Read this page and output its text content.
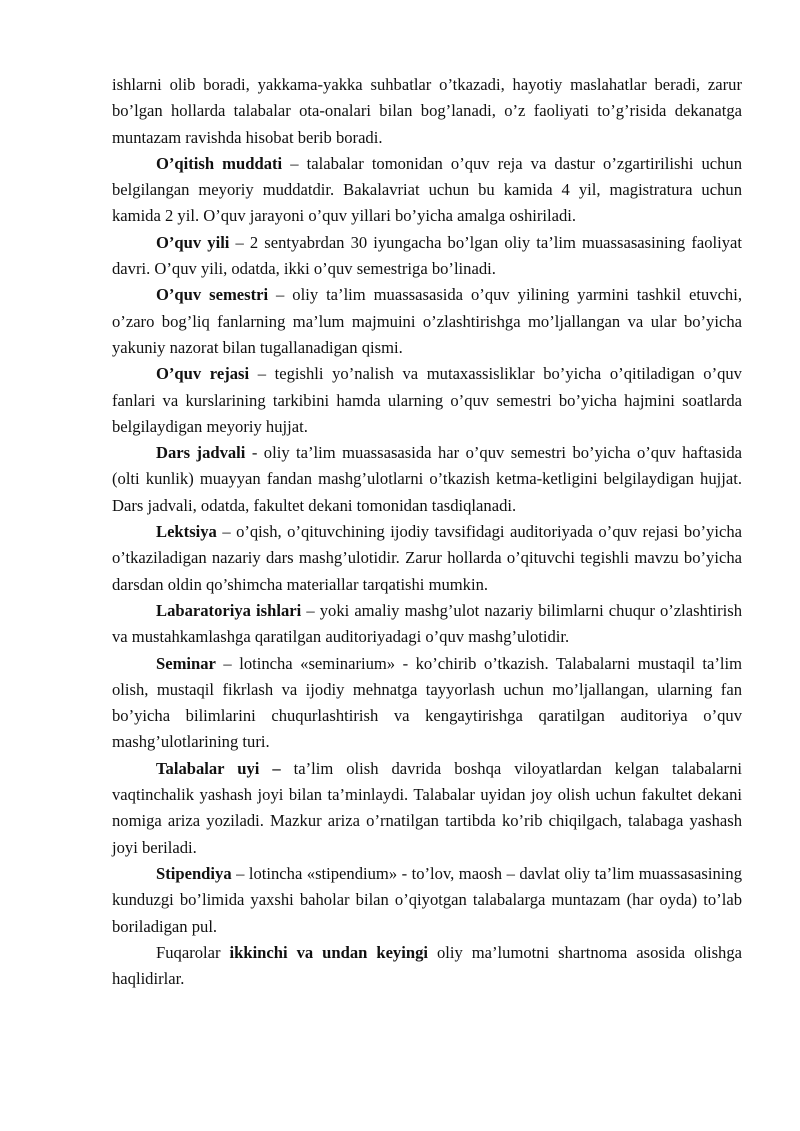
ishlarni olib boradi, yakkama-yakka suhbatlar o’tkazadi, hayotiy maslahatlar beradi, zarur bo’lgan hollarda talabalar ota-onalari bilan bog’lanadi, o’z faoliyati to’g’risida dekanatga muntazam ravishda hisobat berib boradi.

O’qitish muddati – talabalar tomonidan o’quv reja va dastur o’zgartirilishi uchun belgilangan meyoriy muddatdir. Bakalavriat uchun bu kamida 4 yil, magistratura uchun kamida 2 yil. O’quv jarayoni o’quv yillari bo’yicha amalga oshiriladi.

O’quv yili – 2 sentyabrdan 30 iyungacha bo’lgan oliy ta’lim muassasasining faoliyat davri. O’quv yili, odatda, ikki o’quv semestriga bo’linadi.

O’quv semestri – oliy ta’lim muassasasida o’quv yilining yarmini tashkil etuvchi, o’zaro bog’liq fanlarning ma’lum majmuini o’zlashtirishga mo’ljallangan va ular bo’yicha yakuniy nazorat bilan tugallanadigan qismi.

O’quv rejasi – tegishli yo’nalish va mutaxassisliklar bo’yicha o’qitiladigan o’quv fanlari va kurslarining tarkibini hamda ularning o’quv semestri bo’yicha hajmini soatlarda belgilaydigan meyoriy hujjat.

Dars jadvali - oliy ta’lim muassasasida har o’quv semestri bo’yicha o’quv haftasida (olti kunlik) muayyan fandan mashg’ulotlarni o’tkazish ketma-ketligini belgilaydigan hujjat. Dars jadvali, odatda, fakultet dekani tomonidan tasdiqlanadi.

Lektsiya – o’qish, o’qituvchining ijodiy tavsifidagi auditoriyada o’quv rejasi bo’yicha o’tkaziladigan nazariy dars mashg’ulotidir. Zarur hollarda o’qituvchi tegishli mavzu bo’yicha darsdan oldin qo’shimcha materiallar tarqatishi mumkin.

Labaratoriya ishlari – yoki amaliy mashg’ulot nazariy bilimlarni chuqur o’zlashtirish va mustahkamlashga qaratilgan auditoriyadagi o’quv mashg’ulotidir.

Seminar – lotincha «seminarium» - ko’chirib o’tkazish. Talabalarni mustaqil ta’lim olish, mustaqil fikrlash va ijodiy mehnatga tayyorlash uchun mo’ljallangan, ularning fan bo’yicha bilimlarini chuqurlashtirish va kengaytirishga qaratilgan auditoriya o’quv mashg’ulotlarining turi.

Talabalar uyi – ta’lim olish davrida boshqa viloyatlardan kelgan talabalarni vaqtinchalik yashash joyi bilan ta’minlaydi. Talabalar uyidan joy olish uchun fakultet dekani nomiga ariza yoziladi. Mazkur ariza o’rnatilgan tartibda ko’rib chiqilgach, talabaga yashash joyi beriladi.

Stipendiya – lotincha «stipendium» - to’lov, maosh – davlat oliy ta’lim muassasasining kunduzgi bo’limida yaxshi baholar bilan o’qiyotgan talabalarga muntazam (har oyda) to’lab boriladigan pul.

Fuqarolar ikkinchi va undan keyingi oliy ma’lumotni shartnoma asosida olishga haqlidirlar.
